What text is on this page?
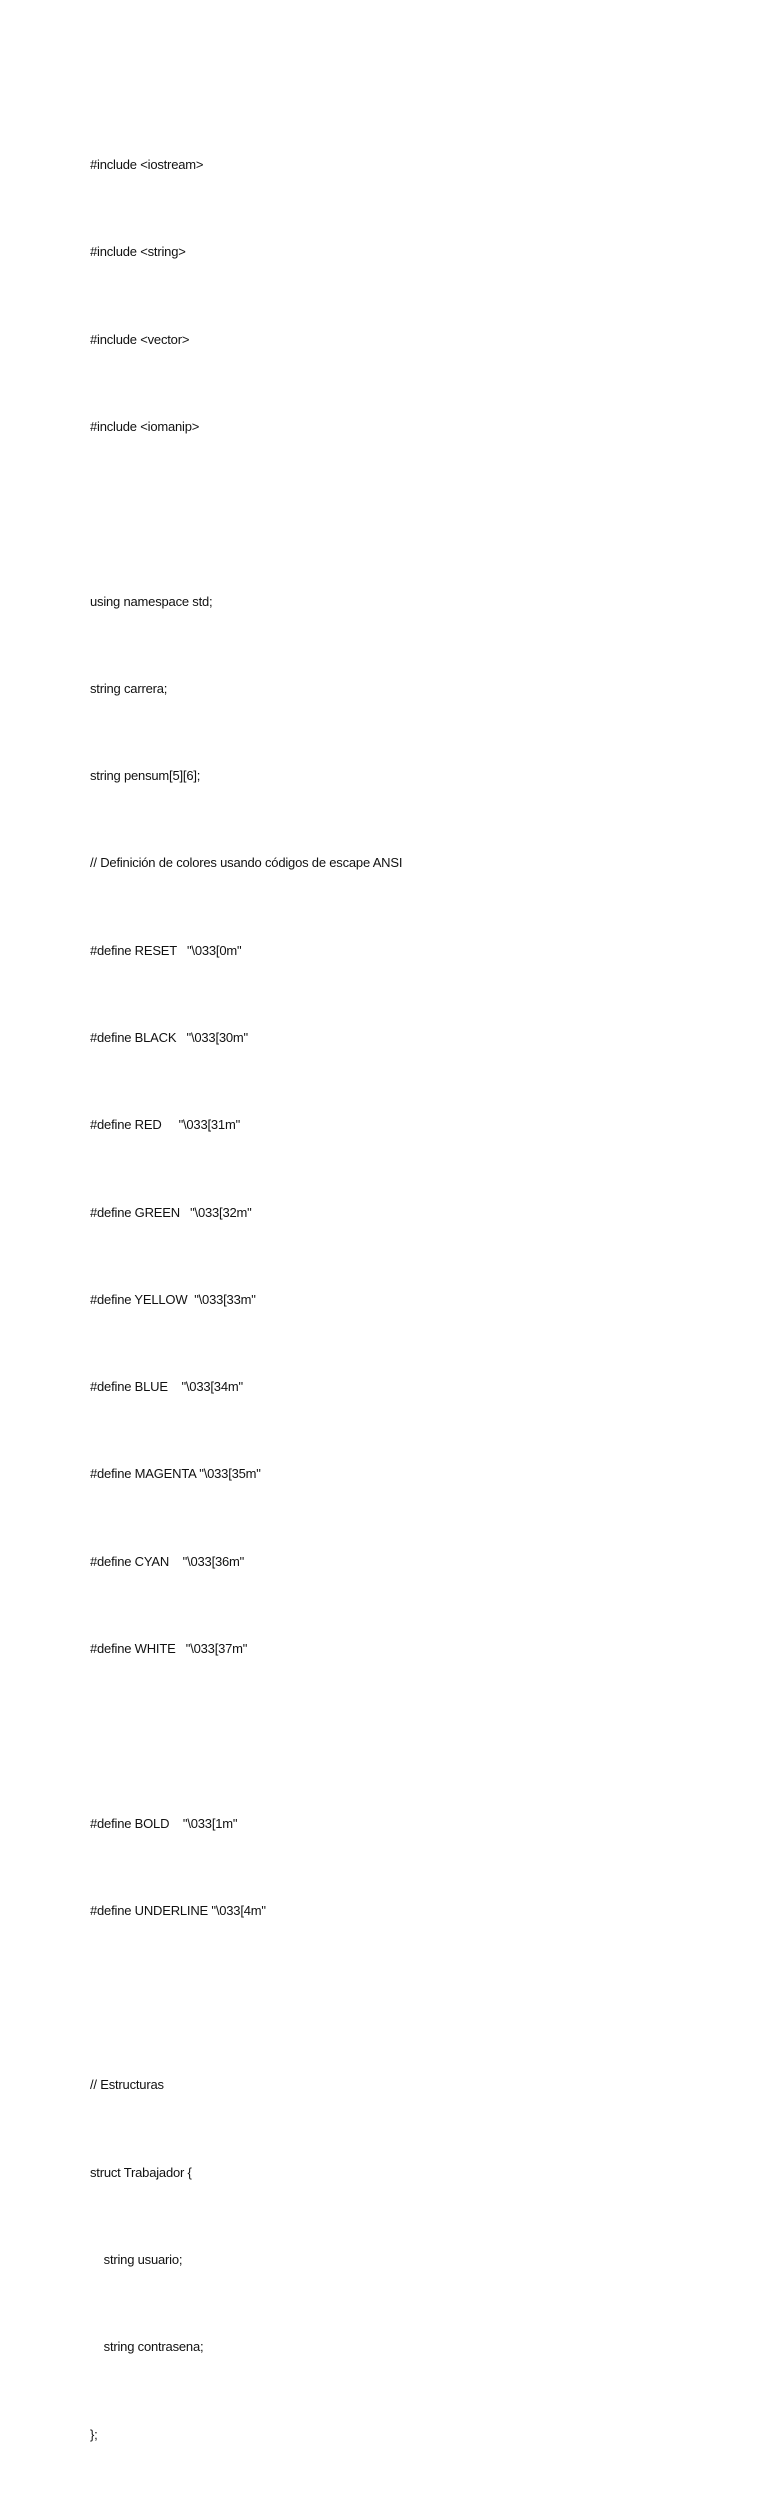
#include <iostream>

#include <string>

#include <vector>

#include <iomanip>

using namespace std;

string carrera;

string pensum[5][6];

// Definición de colores usando códigos de escape ANSI

#define RESET   "\033[0m"

#define BLACK   "\033[30m"

#define RED     "\033[31m"

#define GREEN   "\033[32m"

#define YELLOW  "\033[33m"

#define BLUE    "\033[34m"

#define MAGENTA "\033[35m"

#define CYAN    "\033[36m"

#define WHITE   "\033[37m"

#define BOLD    "\033[1m"

#define UNDERLINE "\033[4m"

// Estructuras

struct Trabajador {

string usuario;

string contrasena;

};
